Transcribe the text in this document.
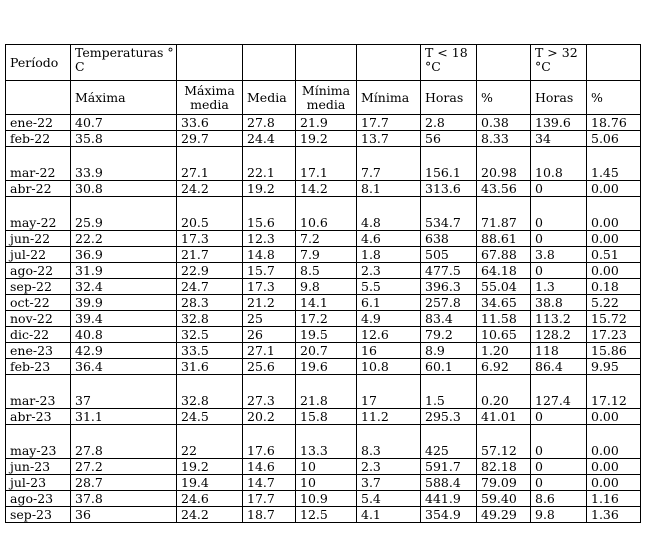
Período	Temperaturas °C					T < 18 °C		T > 32 °C	
	Máxima	Máxima media	Media	Mínima media	Mínima	Horas	%	Horas	%
ene-22	40.7	33.6	27.8	21.9	17.7	2.8	0.38	139.6	18.76
feb-22	35.8	29.7	24.4	19.2	13.7	56	8.33	34	5.06
mar-22	33.9	27.1	22.1	17.1	7.7	156.1	20.98	10.8	1.45
abr-22	30.8	24.2	19.2	14.2	8.1	313.6	43.56	0	0.00
may-22	25.9	20.5	15.6	10.6	4.8	534.7	71.87	0	0.00
jun-22	22.2	17.3	12.3	7.2	4.6	638	88.61	0	0.00
jul-22	36.9	21.7	14.8	7.9	1.8	505	67.88	3.8	0.51
ago-22	31.9	22.9	15.7	8.5	2.3	477.5	64.18	0	0.00
sep-22	32.4	24.7	17.3	9.8	5.5	396.3	55.04	1.3	0.18
oct-22	39.9	28.3	21.2	14.1	6.1	257.8	34.65	38.8	5.22
nov-22	39.4	32.8	25	17.2	4.9	83.4	11.58	113.2	15.72
dic-22	40.8	32.5	26	19.5	12.6	79.2	10.65	128.2	17.23
ene-23	42.9	33.5	27.1	20.7	16	8.9	1.20	118	15.86
feb-23	36.4	31.6	25.6	19.6	10.8	60.1	6.92	86.4	9.95
mar-23	37	32.8	27.3	21.8	17	1.5	0.20	127.4	17.12
abr-23	31.1	24.5	20.2	15.8	11.2	295.3	41.01	0	0.00
may-23	27.8	22	17.6	13.3	8.3	425	57.12	0	0.00
jun-23	27.2	19.2	14.6	10	2.3	591.7	82.18	0	0.00
jul-23	28.7	19.4	14.7	10	3.7	588.4	79.09	0	0.00
ago-23	37.8	24.6	17.7	10.9	5.4	441.9	59.40	8.6	1.16
sep-23	36	24.2	18.7	12.5	4.1	354.9	49.29	9.8	1.36
